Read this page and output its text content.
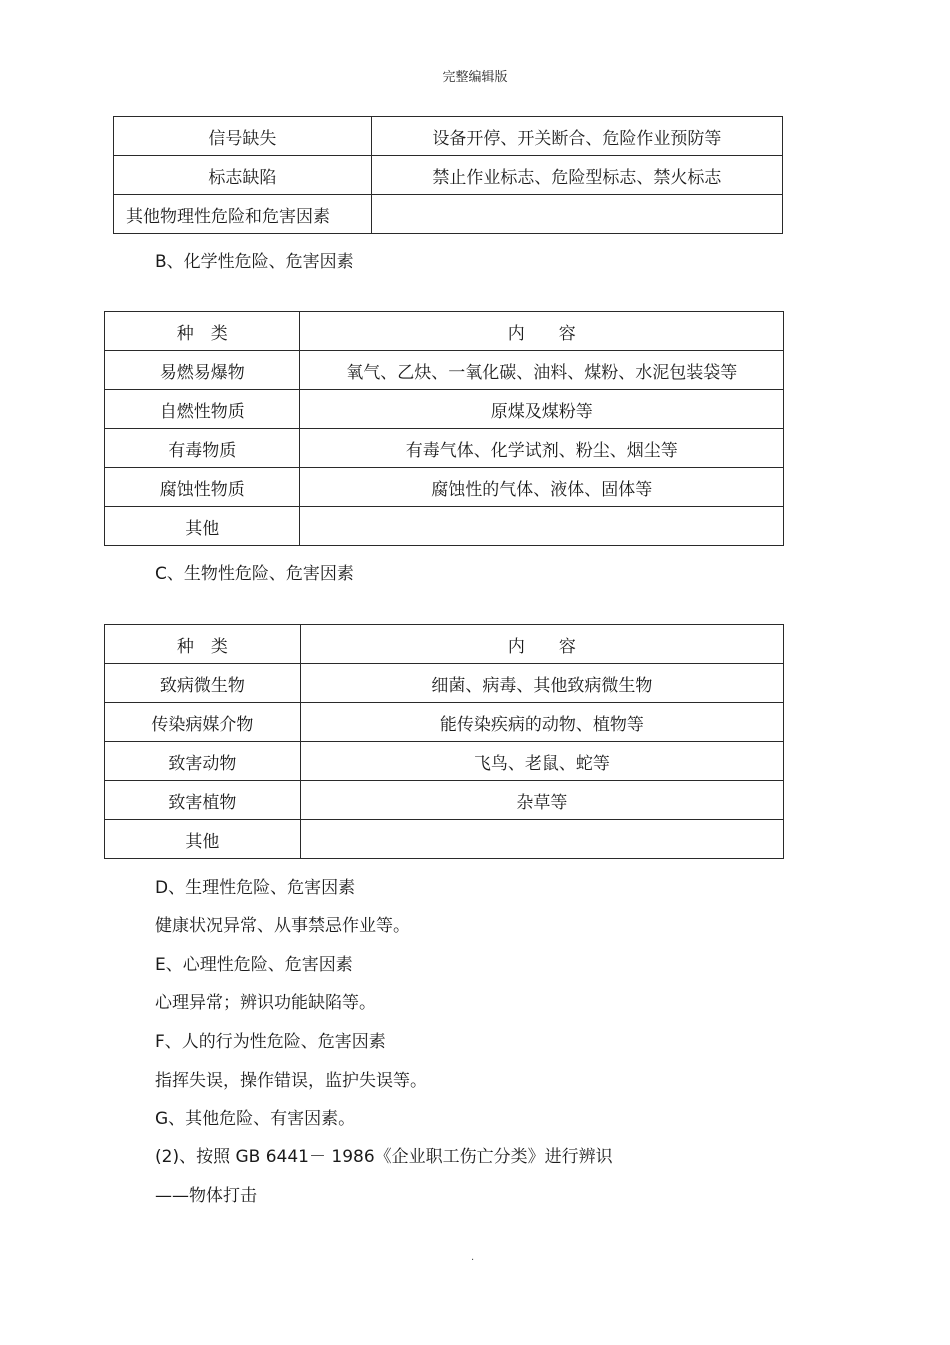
完整编辑版
信号缺失	设备开停、开关断合、危险作业预防等
标志缺陷	禁止作业标志、危险型标志、禁火标志
其他物理性危险和危害因素	
B、化学性危险、危害因素
种　类	内　　容
易燃易爆物	氧气、乙炔、一氧化碳、油料、煤粉、水泥包装袋等
自燃性物质	原煤及煤粉等
有毒物质	有毒气体、化学试剂、粉尘、烟尘等
腐蚀性物质	腐蚀性的气体、液体、固体等
其他	
C、生物性危险、危害因素
种　类	内　　容
致病微生物	细菌、病毒、其他致病微生物
传染病媒介物	能传染疾病的动物、植物等
致害动物	飞鸟、老鼠、蛇等
致害植物	杂草等
其他	
D、生理性危险、危害因素
健康状况异常、从事禁忌作业等。
E、心理性危险、危害因素
心理异常；辨识功能缺陷等。
F、人的行为性危险、危害因素
指挥失误，操作错误，监护失误等。
G、其他危险、有害因素。
(2)、按照 GB 6441－ 1986《企业职工伤亡分类》进行辨识
——物体打击
.
